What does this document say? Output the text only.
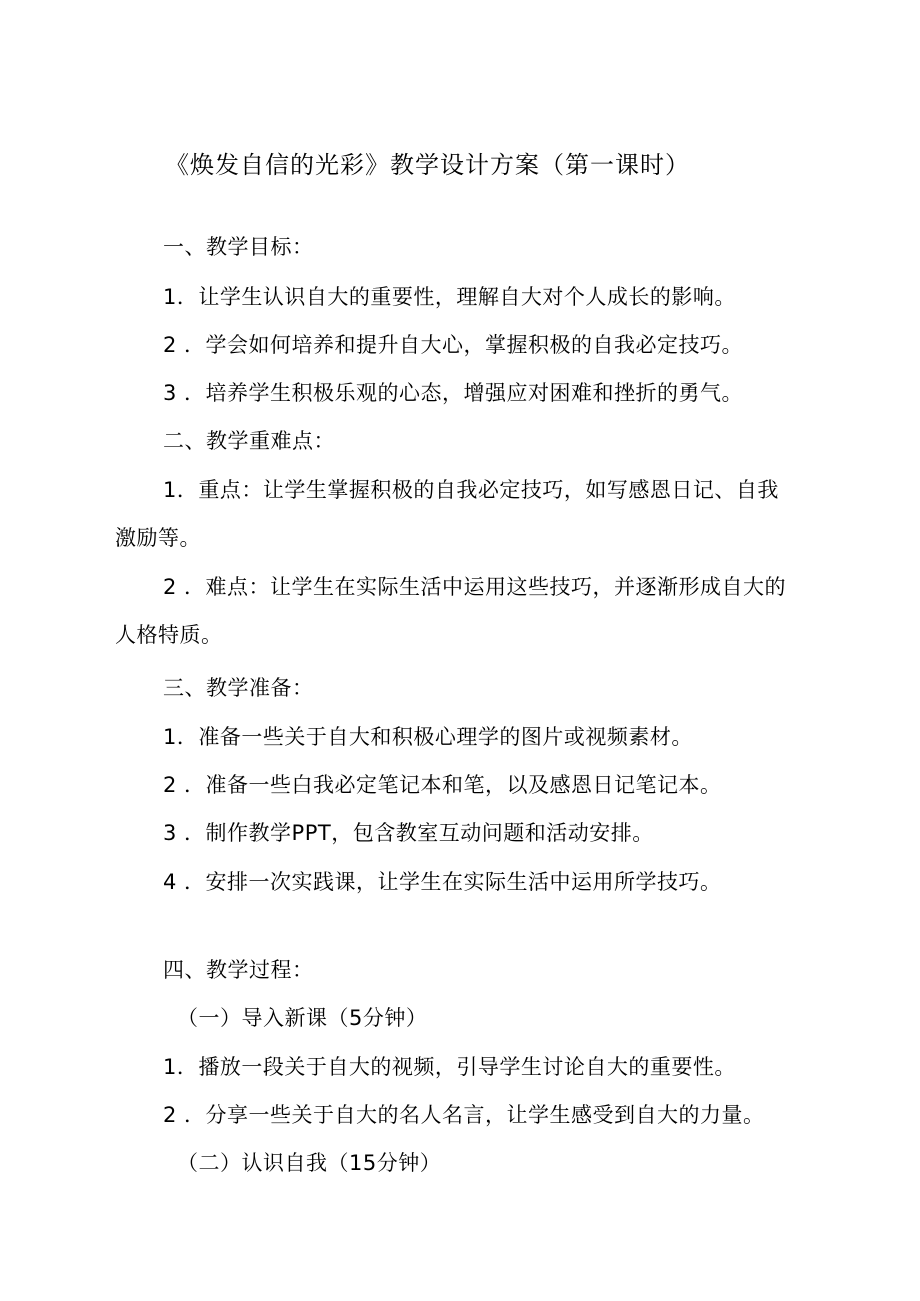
《焕发自信的光彩》教学设计方案（第一课时）
一、教学目标：
1．让学生认识自大的重要性，理解自大对个人成长的影响。
2 ．学会如何培养和提升自大心，掌握积极的自我必定技巧。
3 ．培养学生积极乐观的心态，增强应对困难和挫折的勇气。
二、教学重难点：
1．重点：让学生掌握积极的自我必定技巧，如写感恩日记、自我
激励等。
2 ．难点：让学生在实际生活中运用这些技巧，并逐渐形成自大的
人格特质。
三、教学准备：
1．准备一些关于自大和积极心理学的图片或视频素材。
2 ．准备一些白我必定笔记本和笔，以及感恩日记笔记本。
3 ．制作教学PPT，包含教室互动问题和活动安排。
4 ．安排一次实践课，让学生在实际生活中运用所学技巧。
四、教学过程：
（一）导入新课（5分钟）
1．播放一段关于自大的视频，引导学生讨论自大的重要性。
2 ．分享一些关于自大的名人名言，让学生感受到自大的力量。
（二）认识自我（15分钟）
